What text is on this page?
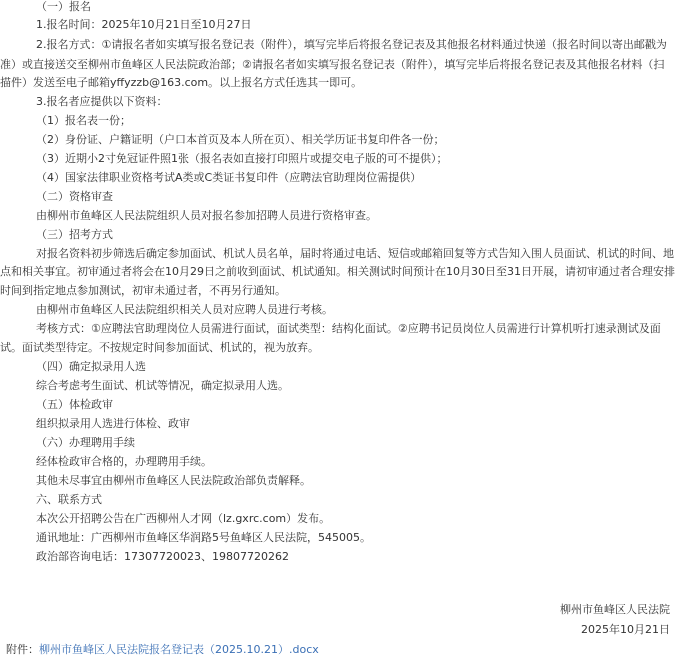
（一）报名

1.报名时间：2025年10月21日至10月27日

2.报名方式：①请报名者如实填写报名登记表（附件），填写完毕后将报名登记表及其他报名材料通过快递（报名时间以寄出邮戳为

准）或直接送交至柳州市鱼峰区人民法院政治部；②请报名者如实填写报名登记表（附件），填写完毕后将报名登记表及其他报名材料（扫

描件）发送至电子邮箱yffyzzb@163.com。以上报名方式任选其一即可。

3.报名者应提供以下资料：

（1）报名表一份；

（2）身份证、户籍证明（户口本首页及本人所在页）、相关学历证书复印件各一份；

（3）近期小2寸免冠证件照1张（报名表如直接打印照片或提交电子版的可不提供）；

（4）国家法律职业资格考试A类或C类证书复印件（应聘法官助理岗位需提供）

（二）资格审查

由柳州市鱼峰区人民法院组织人员对报名参加招聘人员进行资格审查。

（三）招考方式

对报名资料初步筛选后确定参加面试、机试人员名单，届时将通过电话、短信或邮箱回复等方式告知入围人员面试、机试的时间、地

点和相关事宜。初审通过者将会在10月29日之前收到面试、机试通知。相关测试时间预计在10月30日至31日开展，请初审通过者合理安排

时间到指定地点参加测试，初审未通过者，不再另行通知。

由柳州市鱼峰区人民法院组织相关人员对应聘人员进行考核。

考核方式：①应聘法官助理岗位人员需进行面试，面试类型：结构化面试。②应聘书记员岗位人员需进行计算机听打速录测试及面

试。面试类型待定。不按规定时间参加面试、机试的，视为放弃。

（四）确定拟录用人选

综合考虑考生面试、机试等情况，确定拟录用人选。

（五）体检政审

组织拟录用人选进行体检、政审

（六）办理聘用手续

经体检政审合格的，办理聘用手续。

其他未尽事宜由柳州市鱼峰区人民法院政治部负责解释。

六、联系方式

本次公开招聘公告在广西柳州人才网（lz.gxrc.com）发布。

通讯地址：广西柳州市鱼峰区华润路5号鱼峰区人民法院，545005。

政治部咨询电话：17307720023、19807720262

柳州市鱼峰区人民法院
2025年10月21日
附件：柳州市鱼峰区人民法院报名登记表（2025.10.21）.docx
